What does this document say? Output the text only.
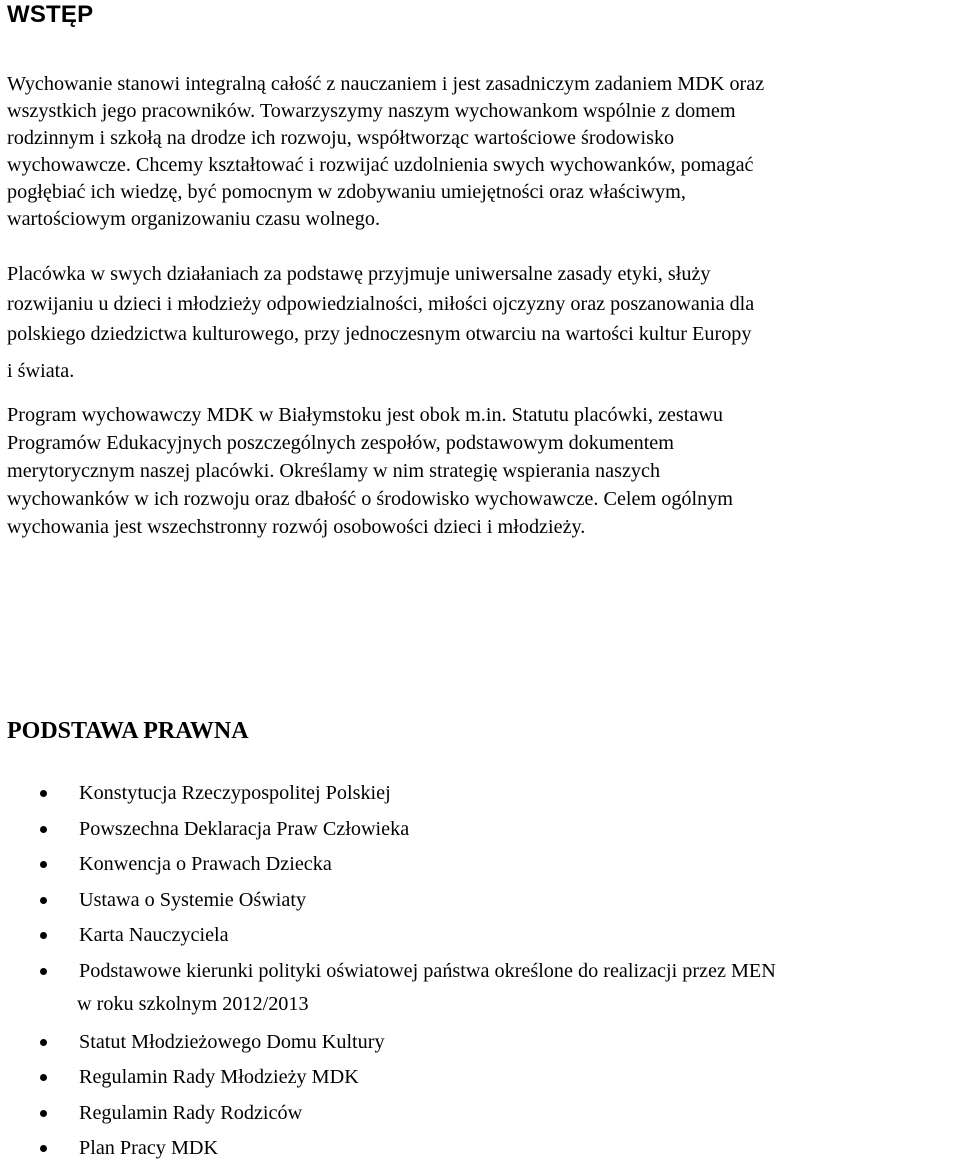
WSTĘP

Wychowanie stanowi integralną całość z nauczaniem i jest zasadniczym zadaniem MDK oraz
wszystkich jego pracowników. Towarzyszymy naszym wychowankom wspólnie z domem
rodzinnym i szkołą na drodze ich rozwoju, współtworząc wartościowe środowisko
wychowawcze. Chcemy kształtować i rozwijać uzdolnienia swych wychowanków, pomagać
pogłębiać ich wiedzę, być pomocnym w zdobywaniu umiejętności oraz właściwym,
wartościowym organizowaniu czasu wolnego.

Placówka w swych działaniach za podstawę przyjmuje uniwersalne zasady etyki, służy
rozwijaniu u dzieci i młodzieży odpowiedzialności, miłości ojczyzny oraz poszanowania dla
polskiego dziedzictwa kulturowego, przy jednoczesnym otwarciu na wartości kultur Europy
i świata.

Program wychowawczy MDK w Białymstoku jest obok m.in. Statutu placówki, zestawu
Programów Edukacyjnych poszczególnych zespołów, podstawowym dokumentem
merytorycznym naszej placówki. Określamy w nim strategię wspierania naszych
wychowanków w ich rozwoju oraz dbałość o środowisko wychowawcze. Celem ogólnym
wychowania jest wszechstronny rozwój osobowości dzieci i młodzieży.

PODSTAWA PRAWNA
Konstytucja Rzeczypospolitej Polskiej
Powszechna Deklaracja Praw Człowieka
Konwencja o Prawach Dziecka
Ustawa o Systemie Oświaty
Karta Nauczyciela
Podstawowe kierunki polityki oświatowej państwa określone do realizacji przez MEN
w roku szkolnym 2012/2013
Statut Młodzieżowego Domu Kultury
Regulamin Rady Młodzieży MDK
Regulamin Rady Rodziców
Plan Pracy MDK
